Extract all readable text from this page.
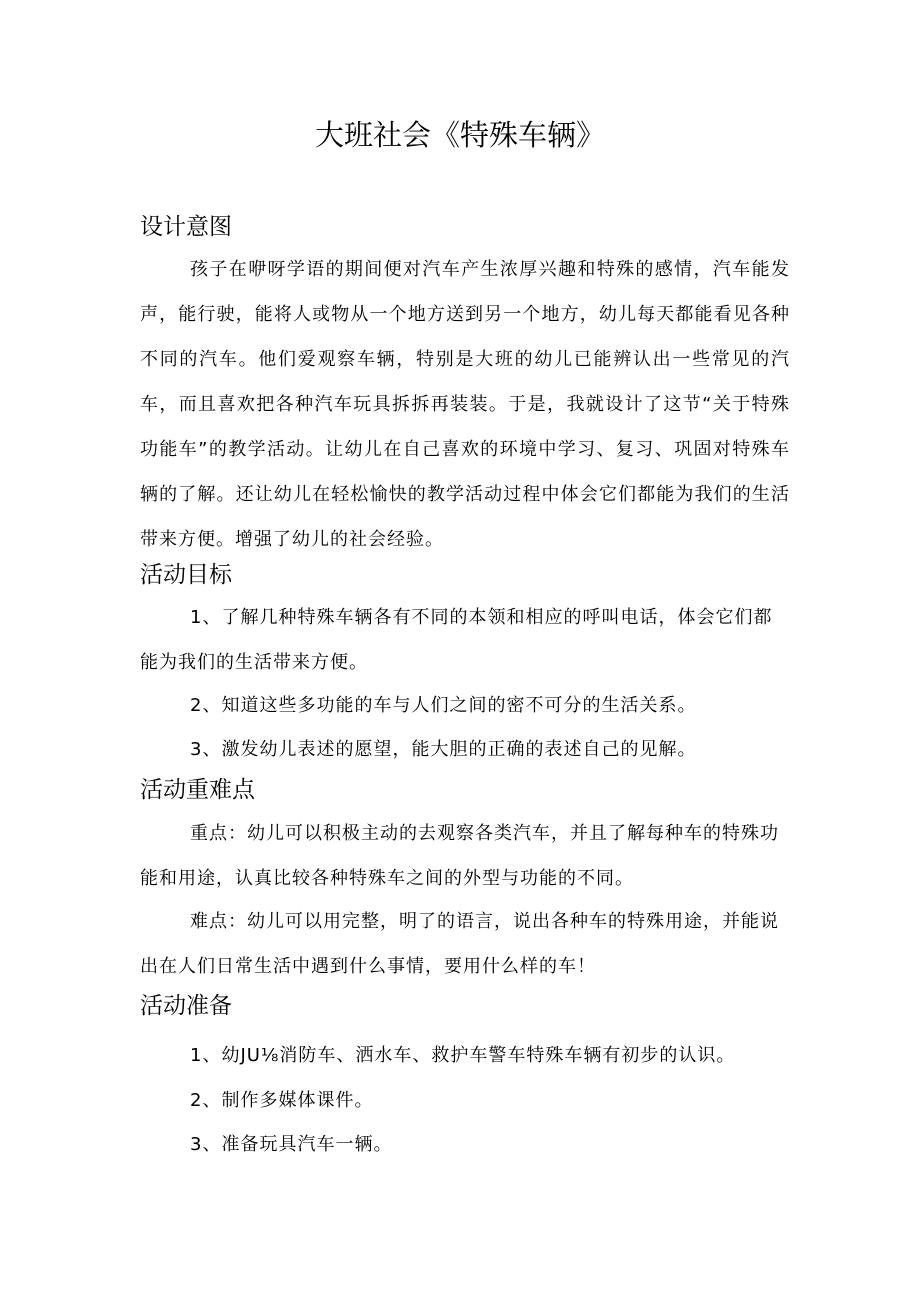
大班社会《特殊车辆》
设计意图
孩子在咿呀学语的期间便对汽车产生浓厚兴趣和特殊的感情，汽车能发声，能行驶，能将人或物从一个地方送到另一个地方，幼儿每天都能看见各种不同的汽车。他们爱观察车辆，特别是大班的幼儿已能辨认出一些常见的汽车，而且喜欢把各种汽车玩具拆拆再装装。于是，我就设计了这节“关于特殊功能车”的教学活动。让幼儿在自己喜欢的环境中学习、复习、巩固对特殊车辆的了解。还让幼儿在轻松愉快的教学活动过程中体会它们都能为我们的生活带来方便。增强了幼儿的社会经验。
活动目标
1、了解几种特殊车辆各有不同的本领和相应的呼叫电话，体会它们都能为我们的生活带来方便。
2、知道这些多功能的车与人们之间的密不可分的生活关系。
3、激发幼儿表述的愿望，能大胆的正确的表述自己的见解。
活动重难点
重点：幼儿可以积极主动的去观察各类汽车，并且了解每种车的特殊功能和用途，认真比较各种特殊车之间的外型与功能的不同。
难点：幼儿可以用完整，明了的语言，说出各种车的特殊用途，并能说出在人们日常生活中遇到什么事情，要用什么样的车！
活动准备
1、幼JU⅛消防车、洒水车、救护车警车特殊车辆有初步的认识。
2、制作多媒体课件。
3、准备玩具汽车一辆。
